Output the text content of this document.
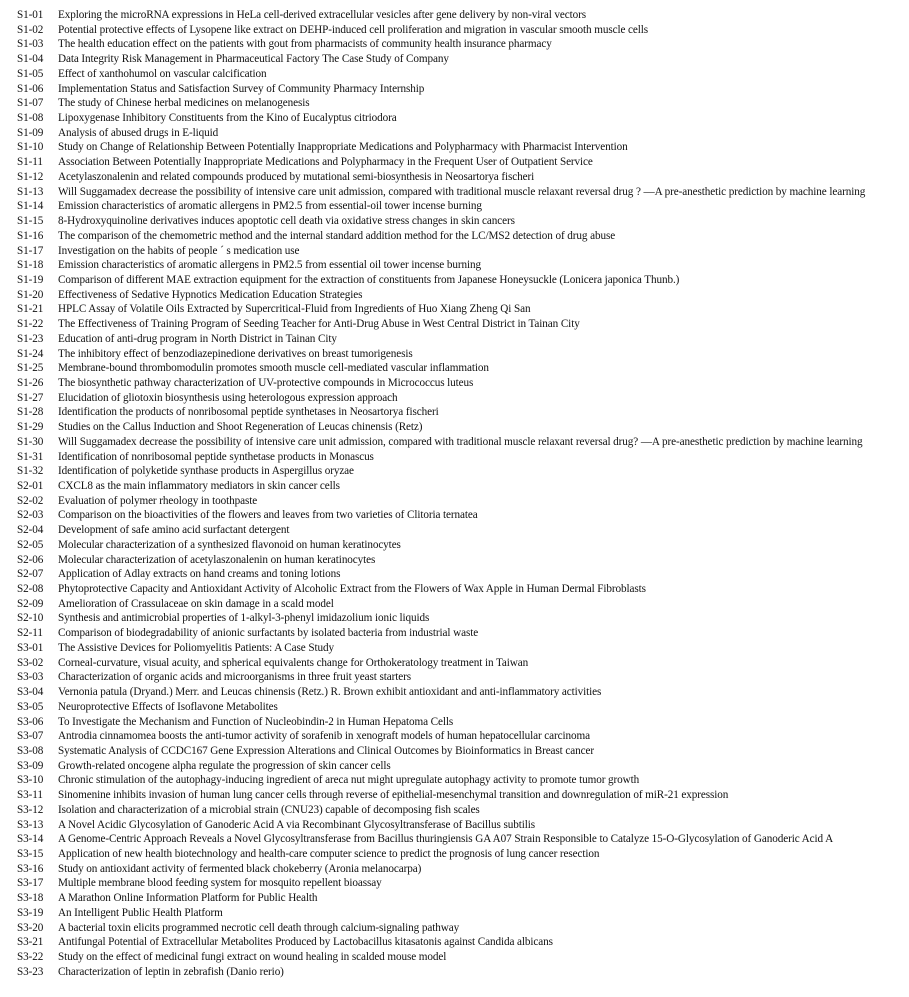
S1-01	Exploring the microRNA expressions in HeLa cell-derived extracellular vesicles after gene delivery by non-viral vectors
S1-02	Potential protective effects of Lysopene like extract on DEHP-induced cell proliferation and migration in vascular smooth muscle cells
S1-03	The health education effect on the patients with gout from pharmacists of community health insurance pharmacy
S1-04	Data Integrity Risk Management in Pharmaceutical Factory The Case Study of Company
S1-05	Effect of xanthohumol on vascular calcification
S1-06	Implementation Status and Satisfaction Survey of Community Pharmacy Internship
S1-07	The study of Chinese herbal medicines on melanogenesis
S1-08	Lipoxygenase Inhibitory Constituents from the Kino of Eucalyptus citriodora
S1-09	Analysis of abused drugs in E-liquid
S1-10	Study on Change of Relationship Between Potentially Inappropriate Medications and Polypharmacy with Pharmacist Intervention
S1-11	Association Between Potentially Inappropriate Medications and Polypharmacy in the Frequent User of Outpatient Service
S1-12	Acetylaszonalenin and related compounds produced by mutational semi-biosynthesis in Neosartorya fischeri
S1-13	Will Suggamadex decrease the possibility of intensive care unit admission, compared with traditional muscle relaxant reversal drug ? —A pre-anesthetic prediction by machine learning
S1-14	Emission characteristics of aromatic allergens in PM2.5 from essential-oil tower incense burning
S1-15	8-Hydroxyquinoline derivatives induces apoptotic cell death via oxidative stress changes in skin cancers
S1-16	The comparison of the chemometric method and the internal standard addition method for the LC/MS2 detection of drug abuse
S1-17	Investigation on the habits of people ´ s medication use
S1-18	Emission characteristics of aromatic allergens in PM2.5 from essential oil tower incense burning
S1-19	Comparison of different MAE extraction equipment for the extraction of constituents from Japanese Honeysuckle (Lonicera japonica Thunb.)
S1-20	Effectiveness of Sedative Hypnotics Medication Education Strategies
S1-21	HPLC Assay of Volatile Oils Extracted by Supercritical-Fluid from Ingredients of Huo Xiang Zheng Qi San
S1-22	The Effectiveness of Training Program of Seeding Teacher for Anti-Drug Abuse in West Central District in Tainan City
S1-23	Education of anti-drug program in North District in Tainan City
S1-24	The inhibitory effect of benzodiazepinedione derivatives on breast tumorigenesis
S1-25	Membrane-bound thrombomodulin promotes smooth muscle cell-mediated vascular inflammation
S1-26	The biosynthetic pathway characterization of UV-protective compounds in Micrococcus luteus
S1-27	Elucidation of gliotoxin biosynthesis using heterologous expression approach
S1-28	Identification the products of nonribosomal peptide synthetases in Neosartorya fischeri
S1-29	Studies on the Callus Induction and Shoot Regeneration of Leucas chinensis (Retz)
S1-30	Will Suggamadex decrease the possibility of intensive care unit admission, compared with traditional muscle relaxant reversal drug? —A pre-anesthetic prediction by machine learning
S1-31	Identification of nonribosomal peptide synthetase products in Monascus
S1-32	Identification of polyketide synthase products in Aspergillus oryzae
S2-01	CXCL8 as the main inflammatory mediators in skin cancer cells
S2-02	Evaluation of polymer rheology in toothpaste
S2-03	Comparison on the bioactivities of the flowers and leaves from two varieties of Clitoria ternatea
S2-04	Development of safe amino acid surfactant detergent
S2-05	Molecular characterization of a synthesized flavonoid on human keratinocytes
S2-06	Molecular characterization of acetylaszonalenin on human keratinocytes
S2-07	Application of Adlay extracts on hand creams and toning lotions
S2-08	Phytoprotective Capacity and Antioxidant Activity of Alcoholic Extract from the Flowers of Wax Apple in Human Dermal Fibroblasts
S2-09	Amelioration of Crassulaceae on skin damage in a scald model
S2-10	Synthesis and antimicrobial properties of 1-alkyl-3-phenyl imidazolium ionic liquids
S2-11	Comparison of biodegradability of anionic surfactants by isolated bacteria from industrial waste
S3-01	The Assistive Devices for Poliomyelitis Patients: A Case Study
S3-02	Corneal-curvature, visual acuity, and spherical equivalents change for Orthokeratology treatment in Taiwan
S3-03	Characterization of organic acids and microorganisms in three fruit yeast starters
S3-04	Vernonia patula (Dryand.) Merr. and Leucas chinensis (Retz.) R. Brown exhibit antioxidant and anti-inflammatory activities
S3-05	Neuroprotective Effects of Isoflavone Metabolites
S3-06	To Investigate the Mechanism and Function of Nucleobindin-2 in Human Hepatoma Cells
S3-07	Antrodia cinnamomea boosts the anti-tumor activity of sorafenib in xenograft models of human hepatocellular carcinoma
S3-08	Systematic Analysis of CCDC167 Gene Expression Alterations and Clinical Outcomes by Bioinformatics in Breast cancer
S3-09	Growth-related oncogene alpha regulate the progression of skin cancer cells
S3-10	Chronic stimulation of the autophagy-inducing ingredient of areca nut might upregulate autophagy activity to promote tumor growth
S3-11	Sinomenine inhibits invasion of human lung cancer cells through reverse of epithelial-mesenchymal transition and downregulation of miR-21 expression
S3-12	Isolation and characterization of a microbial strain (CNU23) capable of decomposing fish scales
S3-13	A Novel Acidic Glycosylation of Ganoderic Acid A via Recombinant Glycosyltransferase of Bacillus subtilis
S3-14	A Genome-Centric Approach Reveals a Novel Glycosyltransferase from Bacillus thuringiensis GA A07 Strain Responsible to Catalyze 15-O-Glycosylation of Ganoderic Acid A
S3-15	Application of new health biotechnology and health-care computer science to predict the prognosis of lung cancer resection
S3-16	Study on antioxidant activity of fermented black chokeberry (Aronia melanocarpa)
S3-17	Multiple membrane blood feeding system for mosquito repellent bioassay
S3-18	A Marathon Online Information Platform for Public Health
S3-19	An Intelligent Public Health Platform
S3-20	A bacterial toxin elicits programmed necrotic cell death through calcium-signaling pathway
S3-21	Antifungal Potential of Extracellular Metabolites Produced by Lactobacillus kitasatonis against Candida albicans
S3-22	Study on the effect of medicinal fungi extract on wound healing in scalded mouse model
S3-23	Characterization of leptin in zebrafish (Danio rerio)
